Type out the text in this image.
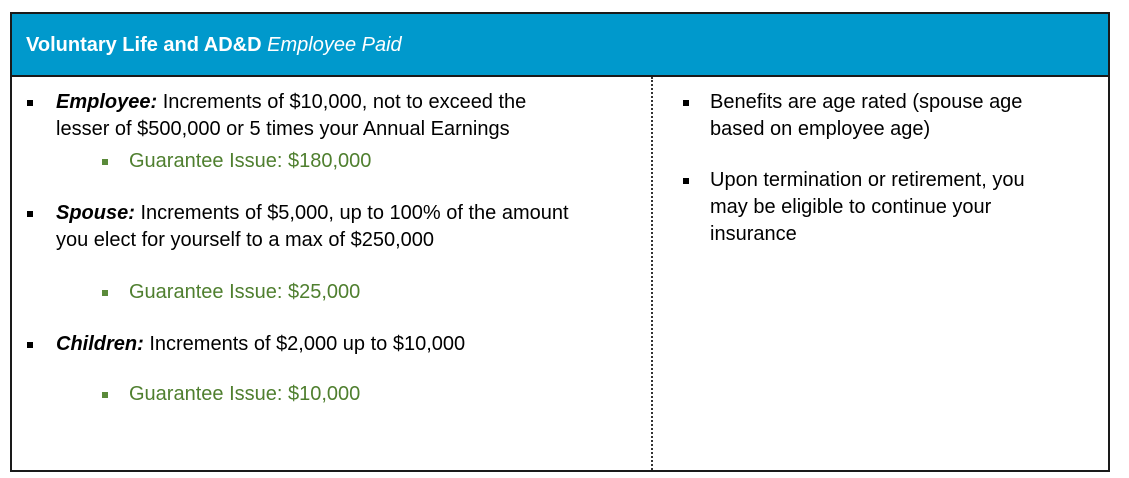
Voluntary Life and AD&D Employee Paid
Employee: Increments of $10,000, not to exceed the
lesser of $500,000 or 5 times your Annual Earnings
Guarantee Issue: $180,000
Spouse: Increments of $5,000, up to 100% of the amount
you elect for yourself to a max of $250,000
Guarantee Issue: $25,000
Children: Increments of $2,000 up to $10,000
Guarantee Issue: $10,000
Benefits are age rated (spouse age
based on employee age)
Upon termination or retirement, you
may be eligible to continue your
insurance
